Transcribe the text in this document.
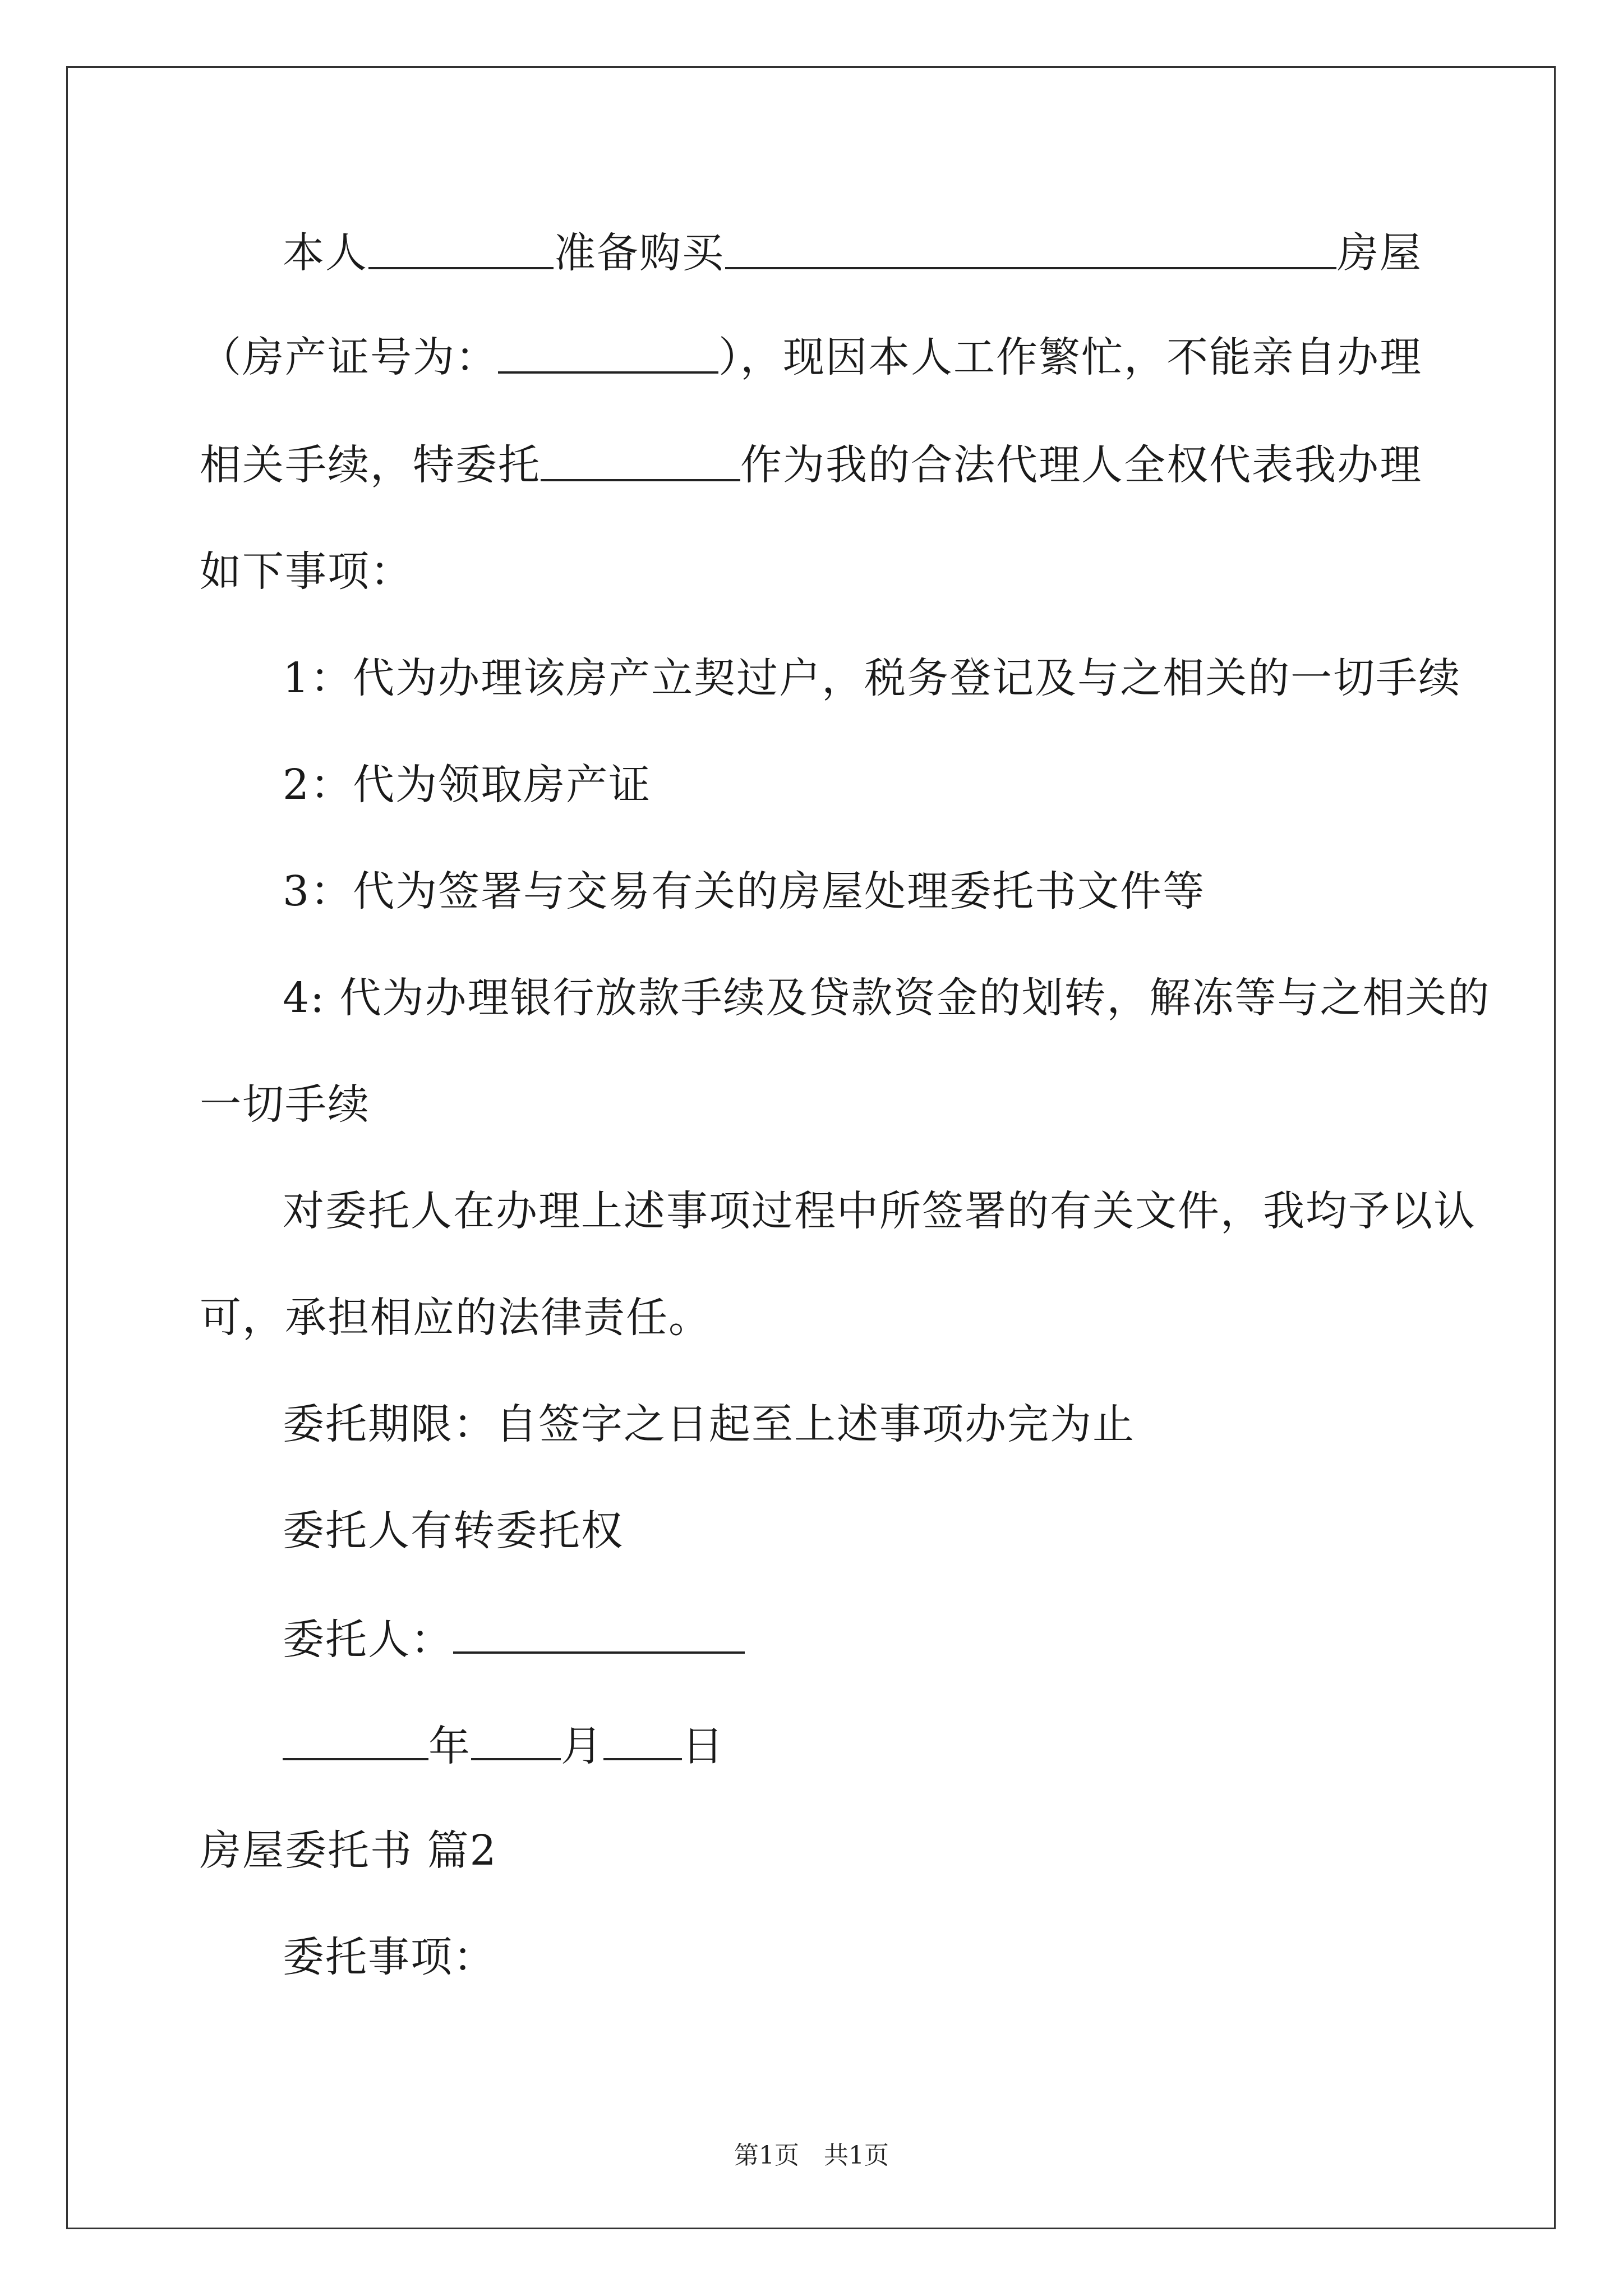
本人	准备购买	房屋
（房产证号为：	），现因本人工作繁忙，不能亲自办理
相关手续，特委托	作为我的合法代理人全权代表我办理
如下事项：
1：代为办理该房产立契过户，税务登记及与之相关的一切手续
2：代为领取房产证
3：代为签署与交易有关的房屋处理委托书文件等
4: 代为办理银行放款手续及贷款资金的划转，解冻等与之相关的
一切手续
对委托人在办理上述事项过程中所签署的有关文件，我均予以认
可，承担相应的法律责任。
委托期限：自签字之日起至上述事项办完为止
委托人有转委托权
委托人：
年 月 日
房屋委托书 篇2
委托事项：
第1页　共1页
